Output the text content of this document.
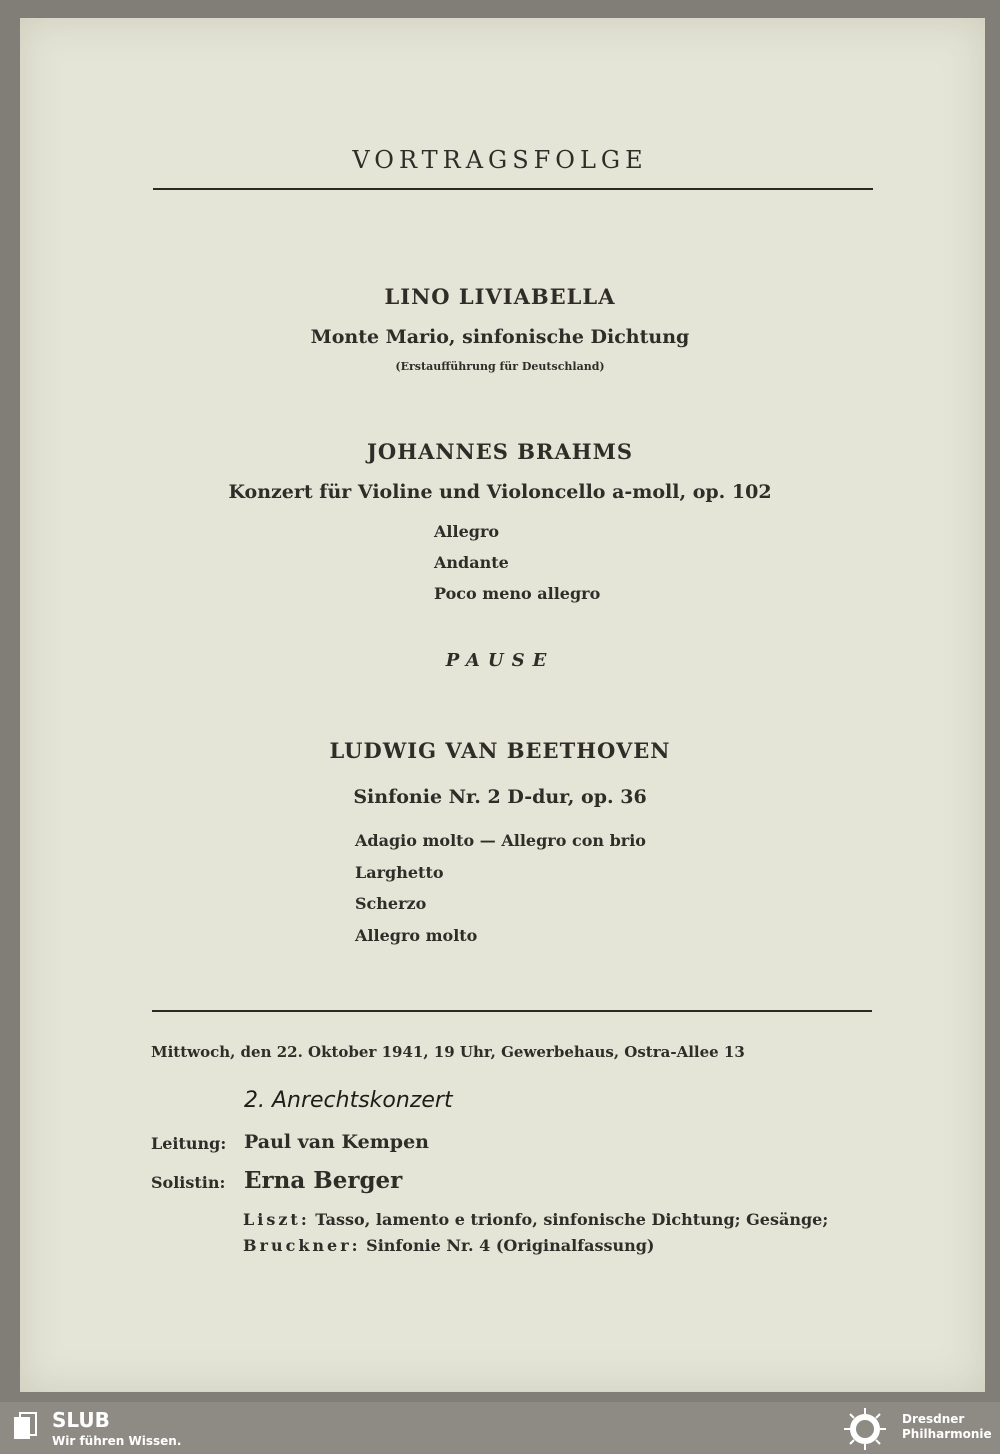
VORTRAGSFOLGE
LINO LIVIABELLA
Monte Mario, sinfonische Dichtung
(Erstaufführung für Deutschland)
JOHANNES BRAHMS
Konzert für Violine und Violoncello a-moll, op. 102
Allegro
Andante
Poco meno allegro
PAUSE
LUDWIG VAN BEETHOVEN
Sinfonie Nr. 2 D-dur, op. 36
Adagio molto — Allegro con brio
Larghetto
Scherzo
Allegro molto
Mittwoch, den 22. Oktober 1941, 19 Uhr, Gewerbehaus, Ostra-Allee 13
2. Anrechtskonzert
Leitung: Paul van Kempen
Solistin: Erna Berger
Liszt: Tasso, lamento e trionfo, sinfonische Dichtung; Gesänge;
Bruckner: Sinfonie Nr. 4 (Originalfassung)
SLUB
Wir führen Wissen.
Dresdner
Philharmonie
